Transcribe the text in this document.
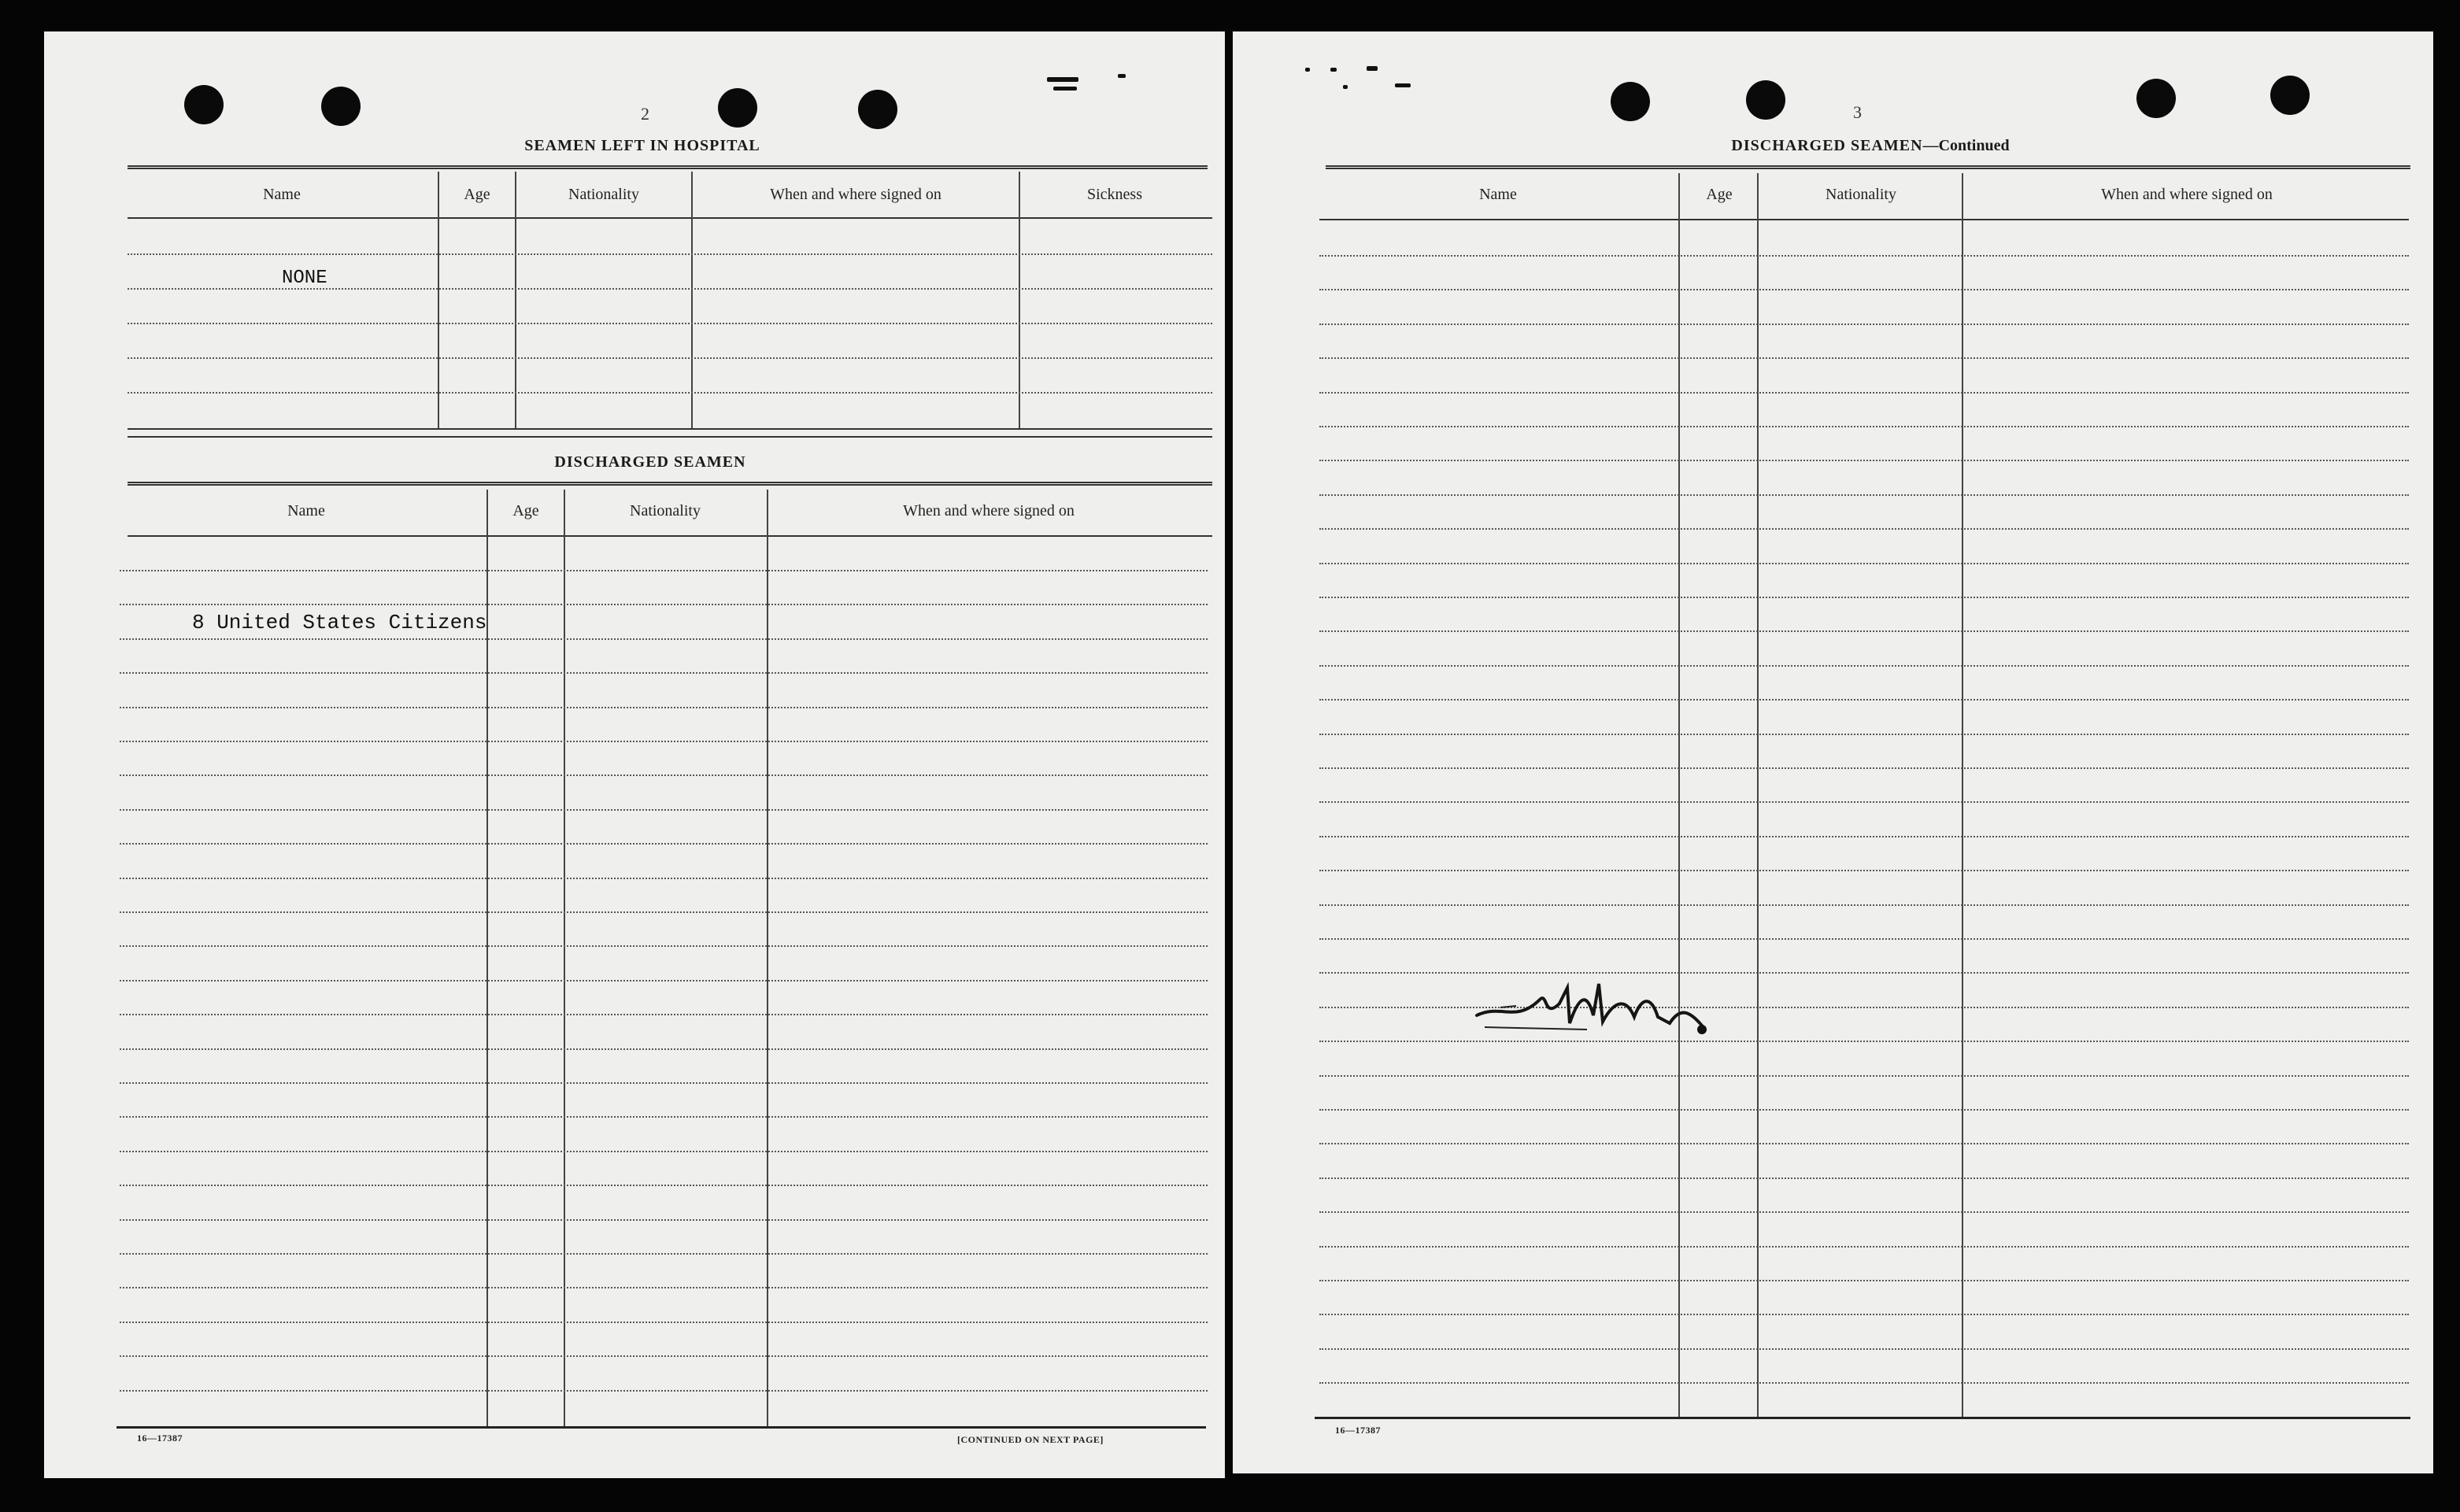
2
SEAMEN LEFT IN HOSPITAL
Name	Age	Nationality	When and where signed on	Sickness
NONE
DISCHARGED SEAMEN
Name	Age	Nationality	When and where signed on
8 United States Citizens
16—17387	[CONTINUED ON NEXT PAGE]
3
DISCHARGED SEAMEN—Continued
Name	Age	Nationality	When and where signed on
16—17387
